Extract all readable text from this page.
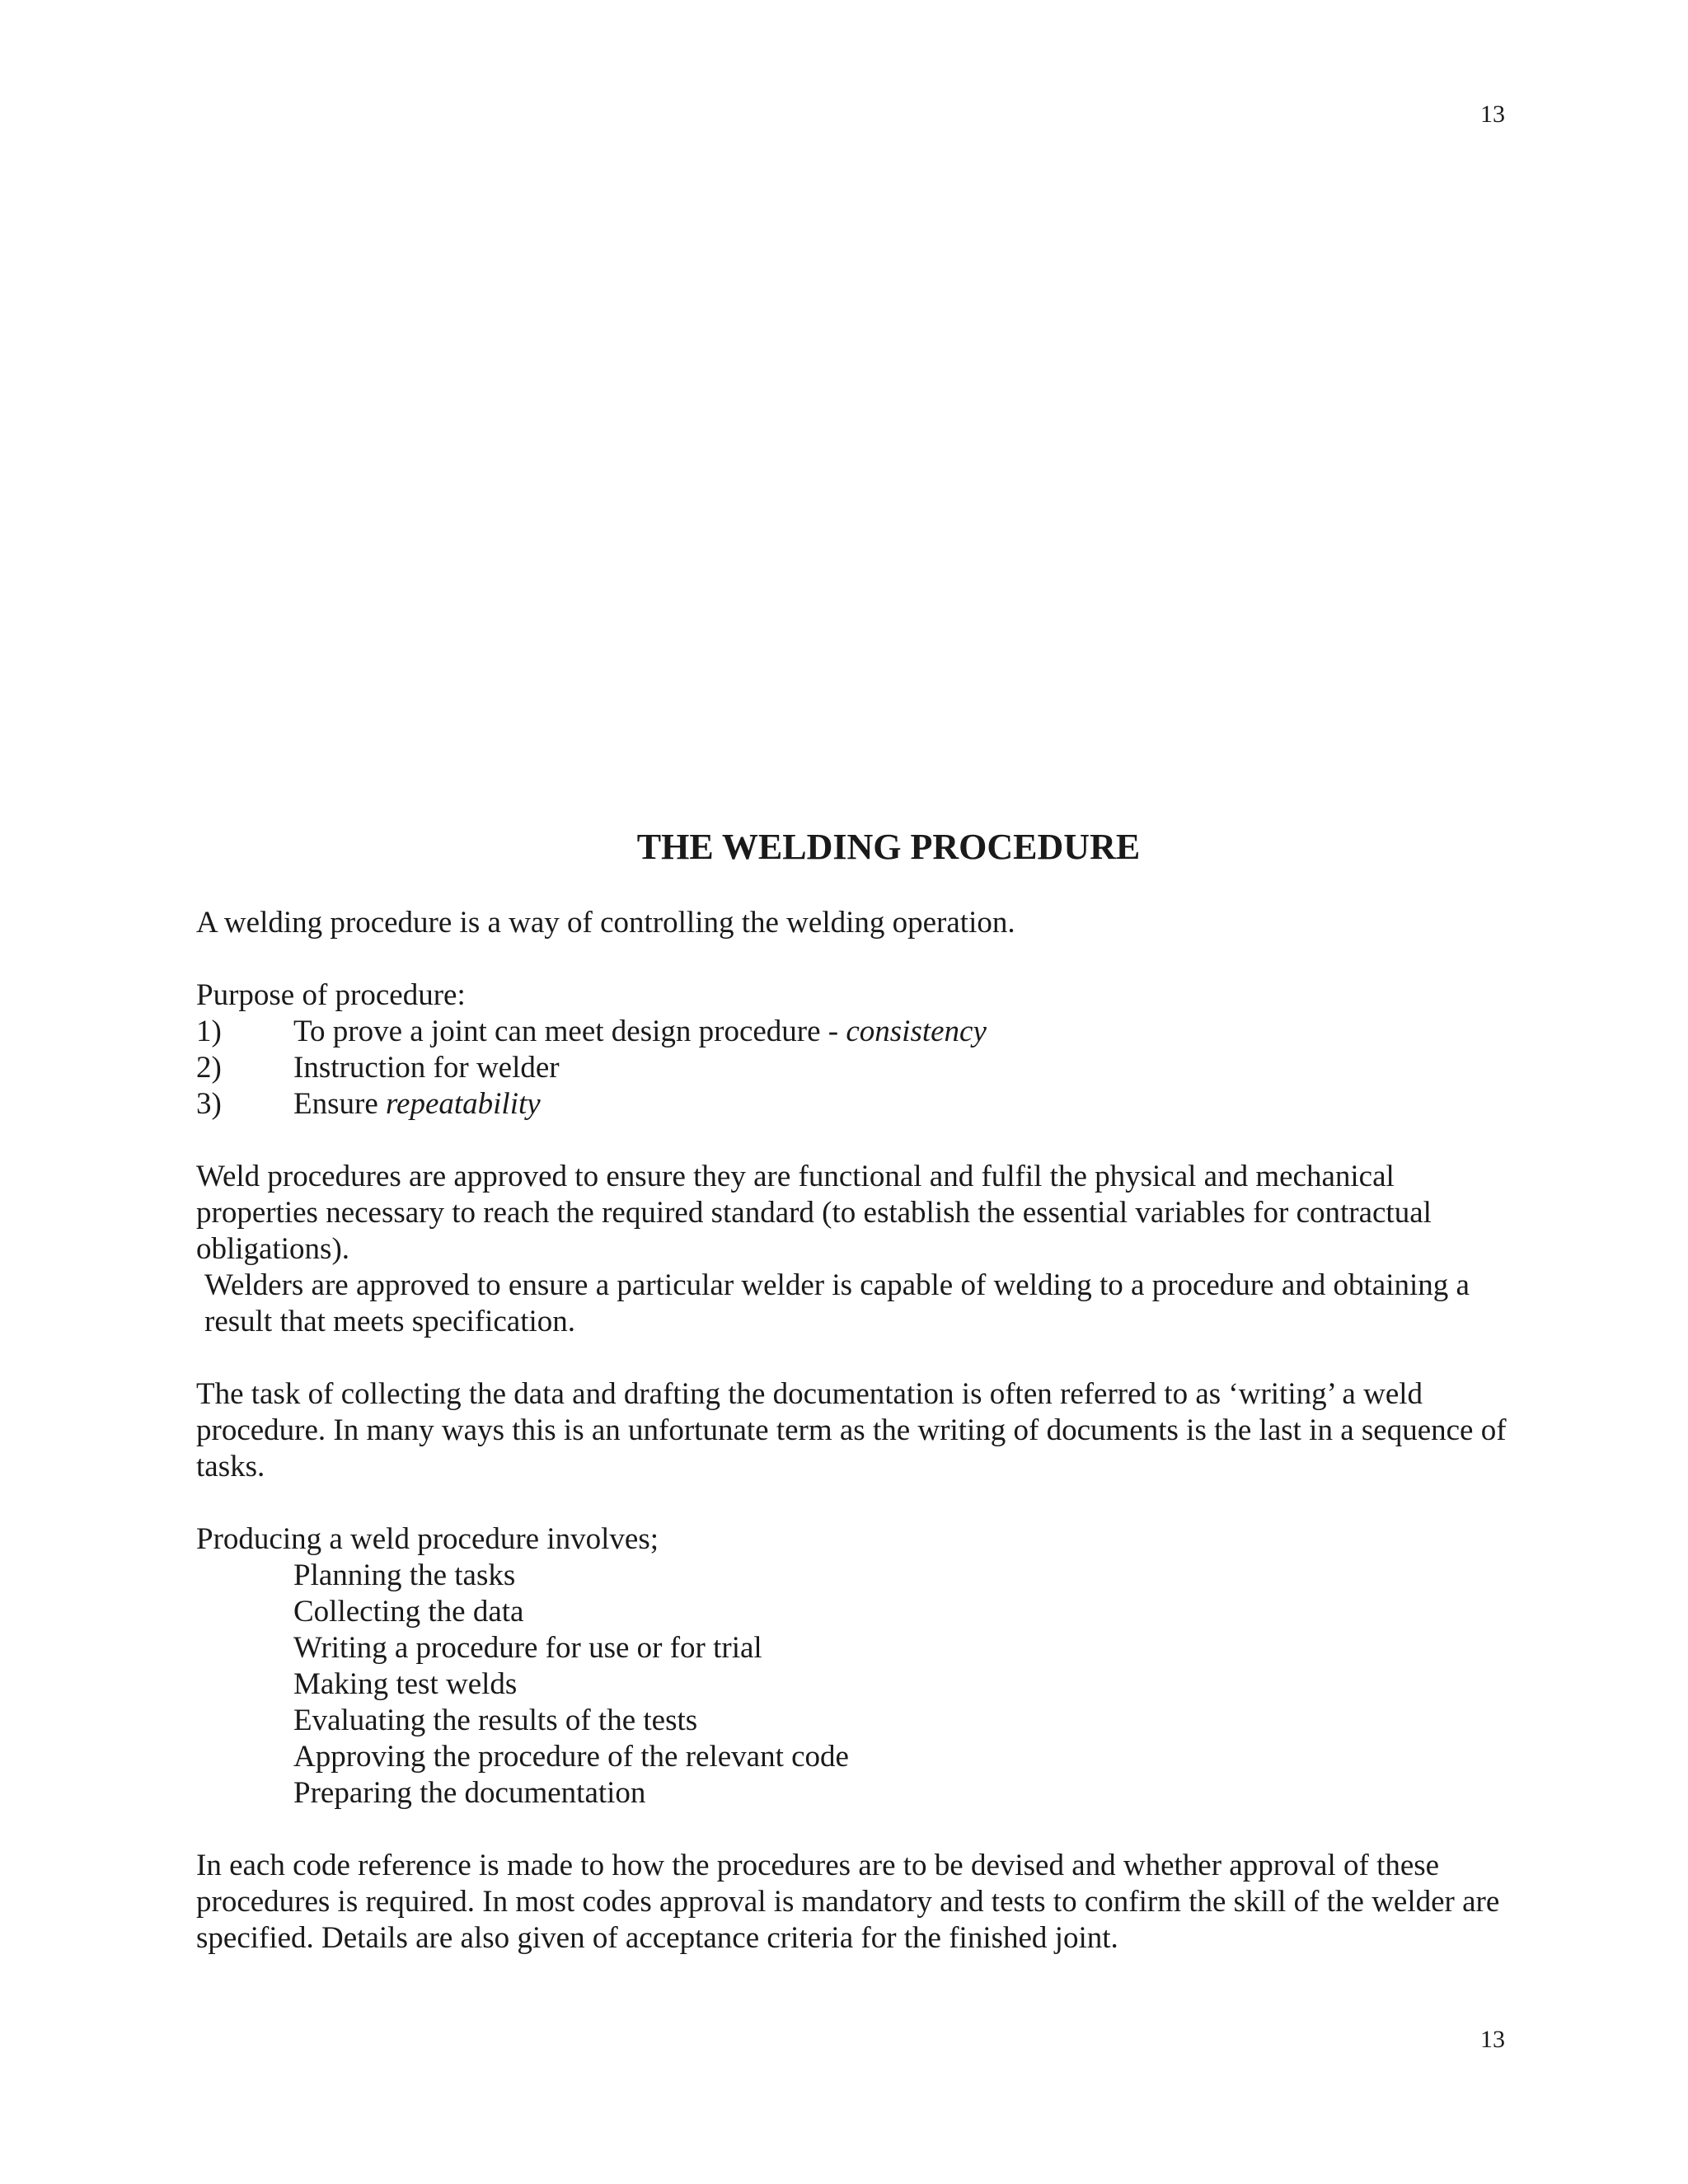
13
THE WELDING PROCEDURE

A welding procedure is a way of controlling the welding operation.

Purpose of procedure:

1)	To prove a joint can meet design procedure - consistency
2)	Instruction for welder
3)	Ensure repeatability

Weld procedures are approved to ensure they are functional and fulfil the physical and mechanical properties necessary to reach the required standard (to establish the essential variables for contractual obligations).

Welders are approved to ensure a particular welder is capable of welding to a procedure and obtaining a result that meets specification.

The task of collecting the data and drafting the documentation is often referred to as ‘writing’ a weld procedure. In many ways this is an unfortunate term as the writing of documents is the last in a sequence of tasks.

Producing a weld procedure involves;

Planning the tasks

Collecting the data

Writing a procedure for use or for trial

Making test welds

Evaluating the results of the tests

Approving the procedure of the relevant code

Preparing the documentation

In each code reference is made to how the procedures are to be devised and whether approval of these procedures is required. In most codes approval is mandatory and tests to confirm the skill of the welder are specified. Details are also given of acceptance criteria for the finished joint.

13
